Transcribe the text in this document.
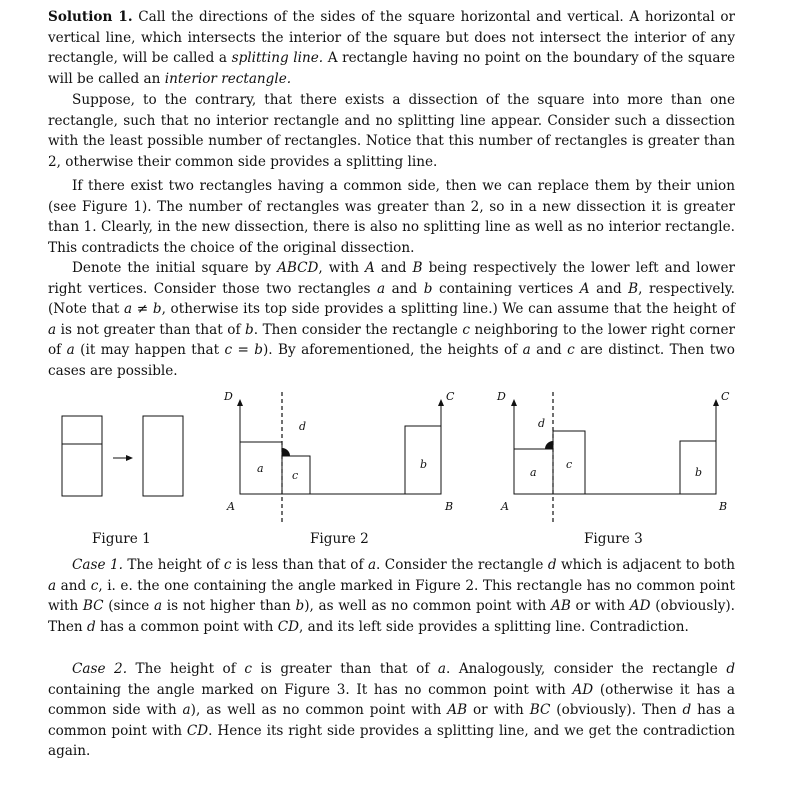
Solution 1. Call the directions of the sides of the square horizontal and vertical. A horizontal or vertical line, which intersects the interior of the square but does not intersect the interior of any rectangle, will be called a splitting line. A rectangle having no point on the boundary of the square will be called an interior rectangle.

Suppose, to the contrary, that there exists a dissection of the square into more than one rectangle, such that no interior rectangle and no splitting line appear. Consider such a dissection with the least possible number of rectangles. Notice that this number of rectangles is greater than 2, otherwise their common side provides a splitting line.

If there exist two rectangles having a common side, then we can replace them by their union (see Figure 1). The number of rectangles was greater than 2, so in a new dissection it is greater than 1. Clearly, in the new dissection, there is also no splitting line as well as no interior rectangle. This contradicts the choice of the original dissection.

Denote the initial square by ABCD, with A and B being respectively the lower left and lower right vertices. Consider those two rectangles a and b containing vertices A and B, respectively. (Note that a ≠ b, otherwise its top side provides a splitting line.) We can assume that the height of a is not greater than that of b. Then consider the rectangle c neighboring to the lower right corner of a (it may happen that c = b). By aforementioned, the heights of a and c are distinct. Then two cases are possible.

D	C
A	B
a
c
b
d
D	C
A	B
a
c
b
d
Figure 1	Figure 2	Figure 3

Case 1. The height of c is less than that of a. Consider the rectangle d which is adjacent to both a and c, i. e. the one containing the angle marked in Figure 2. This rectangle has no common point with BC (since a is not higher than b), as well as no common point with AB or with AD (obviously). Then d has a common point with CD, and its left side provides a splitting line. Contradiction.

Case 2. The height of c is greater than that of a. Analogously, consider the rectangle d containing the angle marked on Figure 3. It has no common point with AD (otherwise it has a common side with a), as well as no common point with AB or with BC (obviously). Then d has a common point with CD. Hence its right side provides a splitting line, and we get the contradiction again.
